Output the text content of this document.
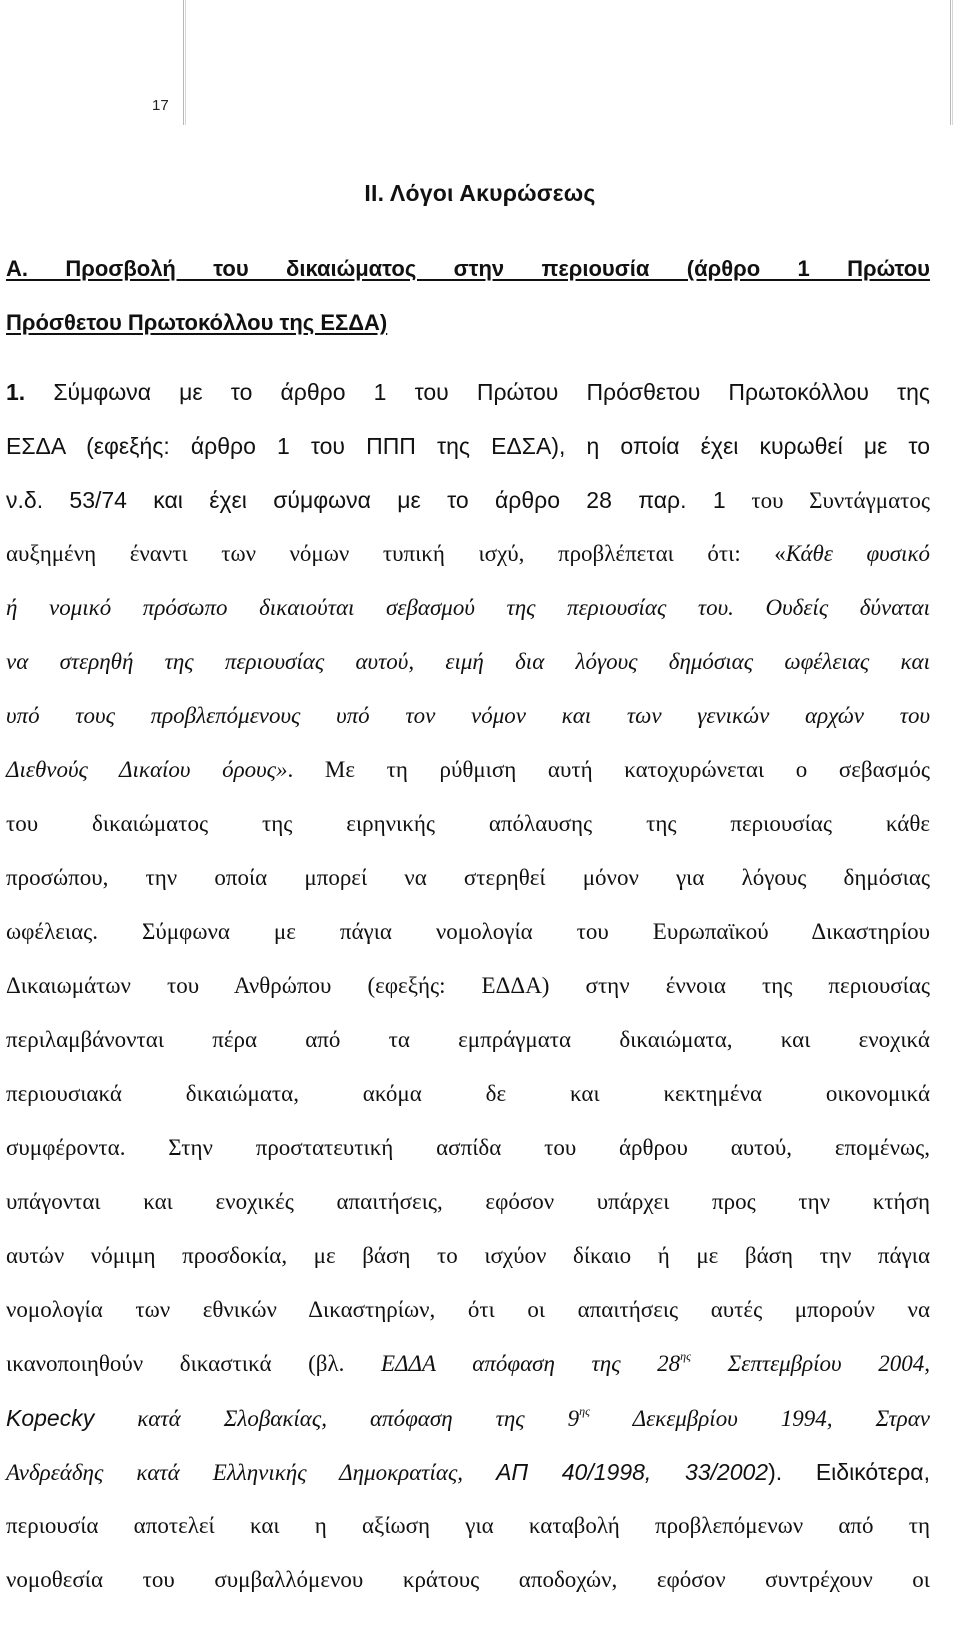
17
ΙΙ. Λόγοι Ακυρώσεως
Α. Προσβολή του δικαιώματος στην περιουσία (άρθρο 1 Πρώτου
Πρόσθετου Πρωτοκόλλου της ΕΣΔΑ)
1. Σύμφωνα με το άρθρο 1 του Πρώτου Πρόσθετου Πρωτοκόλλου της
ΕΣΔΑ (εφεξής: άρθρο 1 του ΠΠΠ της ΕΔΣΑ), η οποία έχει κυρωθεί με το
ν.δ. 53/74 και έχει σύμφωνα με το άρθρο 28 παρ. 1 του Συντάγματος
αυξημένη έναντι των νόμων τυπική ισχύ, προβλέπεται ότι: «Κάθε φυσικό
ή νομικό πρόσωπο δικαιούται σεβασμού της περιουσίας του. Ουδείς δύναται
να στερηθή της περιουσίας αυτού, ειμή δια λόγους δημόσιας ωφέλειας και
υπό τους προβλεπόμενους υπό τον νόμον και των γενικών αρχών του
Διεθνούς Δικαίου όρους». Με τη ρύθμιση αυτή κατοχυρώνεται ο σεβασμός
του δικαιώματος της ειρηνικής απόλαυσης της περιουσίας κάθε
προσώπου, την οποία μπορεί να στερηθεί μόνον για λόγους δημόσιας
ωφέλειας. Σύμφωνα με πάγια νομολογία του Ευρωπαϊκού Δικαστηρίου
Δικαιωμάτων του Ανθρώπου (εφεξής: ΕΔΔΑ) στην έννοια της περιουσίας
περιλαμβάνονται πέρα από τα εμπράγματα δικαιώματα, και ενοχικά
περιουσιακά δικαιώματα, ακόμα δε και κεκτημένα οικονομικά
συμφέροντα. Στην προστατευτική ασπίδα του άρθρου αυτού, επομένως,
υπάγονται και ενοχικές απαιτήσεις, εφόσον υπάρχει προς την κτήση
αυτών νόμιμη προσδοκία, με βάση το ισχύον δίκαιο ή με βάση την πάγια
νομολογία των εθνικών Δικαστηρίων, ότι οι απαιτήσεις αυτές μπορούν να
ικανοποιηθούν δικαστικά (βλ. ΕΔΔΑ απόφαση της $28^{\eta\varsigma}$ Σεπτεμβρίου 2004,
Kopecky κατά Σλοβακίας, απόφαση της $9^{\eta\varsigma}$ Δεκεμβρίου 1994, Στραν
Ανδρεάδης κατά Ελληνικής Δημοκρατίας, ΑΠ 40/1998, 33/2002). Ειδικότερα,
περιουσία αποτελεί και η αξίωση για καταβολή προβλεπόμενων από τη
νομοθεσία του συμβαλλόμενου κράτους αποδοχών, εφόσον συντρέχουν οι
